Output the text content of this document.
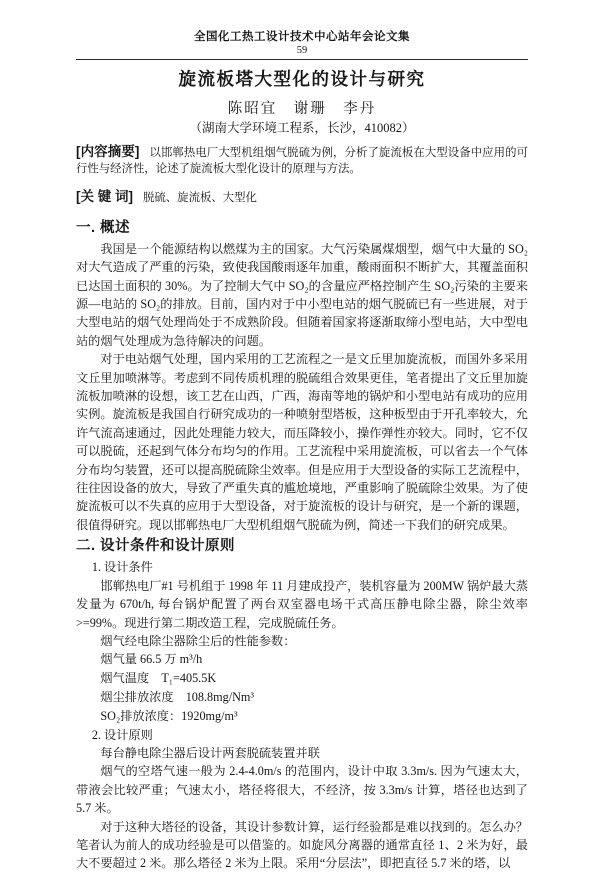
全国化工热工设计技术中心站年会论文集
59
旋流板塔大型化的设计与研究
陈昭宜　谢珊　李丹
（湖南大学环境工程系，长沙，410082）

[内容摘要] 以邯郸热电厂大型机组烟气脱硫为例，分析了旋流板在大型设备中应用的可行性与经济性，论述了旋流板大型化设计的原理与方法。

[关 键 词] 脱硫、旋流板、大型化

一. 概述

我国是一个能源结构以燃煤为主的国家。大气污染属煤烟型，烟气中大量的 SO₂对大气造成了严重的污染，致使我国酸雨逐年加重，酸雨面积不断扩大，其覆盖面积已达国土面积的 30%。为了控制大气中 SO₂的含量应严格控制产生 SO₂污染的主要来源—电站的 SO₂的排放。目前，国内对于中小型电站的烟气脱硫已有一些进展，对于大型电站的烟气处理尚处于不成熟阶段。但随着国家将逐渐取缔小型电站，大中型电站的烟气处理成为急待解决的问题。

对于电站烟气处理，国内采用的工艺流程之一是文丘里加旋流板，而国外多采用文丘里加喷淋等。考虑到不同传质机理的脱硫组合效果更佳，笔者提出了文丘里加旋流板加喷淋的设想，该工艺在山西，广西，海南等地的锅炉和小型电站有成功的应用实例。旋流板是我国自行研究成功的一种喷射型塔板，这种板型由于开孔率较大，允许气流高速通过，因此处理能力较大，而压降较小，操作弹性亦较大。同时，它不仅可以脱硫，还起到气体分布均匀的作用。工艺流程中采用旋流板，可以省去一个气体分布均匀装置，还可以提高脱硫除尘效率。但是应用于大型设备的实际工艺流程中，往往因设备的放大，导致了严重失真的尴尬境地，严重影响了脱硫除尘效果。为了使旋流板可以不失真的应用于大型设备，对于旋流板的设计与研究，是一个新的课题，很值得研究。现以邯郸热电厂大型机组烟气脱硫为例，简述一下我们的研究成果。

二. 设计条件和设计原则

1. 设计条件

邯郸热电厂#1 号机组于 1998 年 11 月建成投产，装机容量为 200MW 锅炉最大蒸发量为 670t/h, 每台锅炉配置了两台双室器电场干式高压静电除尘器，除尘效率>=99%。现进行第二期改造工程，完成脱硫任务。

烟气经电除尘器除尘后的性能参数：

烟气量 66.5 万 m³/h

烟气温度　T₁=405.5K

烟尘排放浓度　108.8mg/Nm³

SO₂排放浓度：1920mg/m³

2. 设计原则

每台静电除尘器后设计两套脱硫装置并联

烟气的空塔气速一般为 2.4-4.0m/s 的范围内，设计中取 3.3m/s. 因为气速太大，带液会比较严重；气速太小，塔径将很大，不经济，按 3.3m/s 计算，塔径也达到了5.7 米。

对于这种大塔径的设备，其设计参数计算，运行经验都是难以找到的。怎么办？笔者认为前人的成功经验是可以借鉴的。如旋风分离器的通常直径 1、2 米为好，最大不要超过 2 米。那么塔径 2 米为上限。采用“分层法”，即把直径 5.7 米的塔，以
